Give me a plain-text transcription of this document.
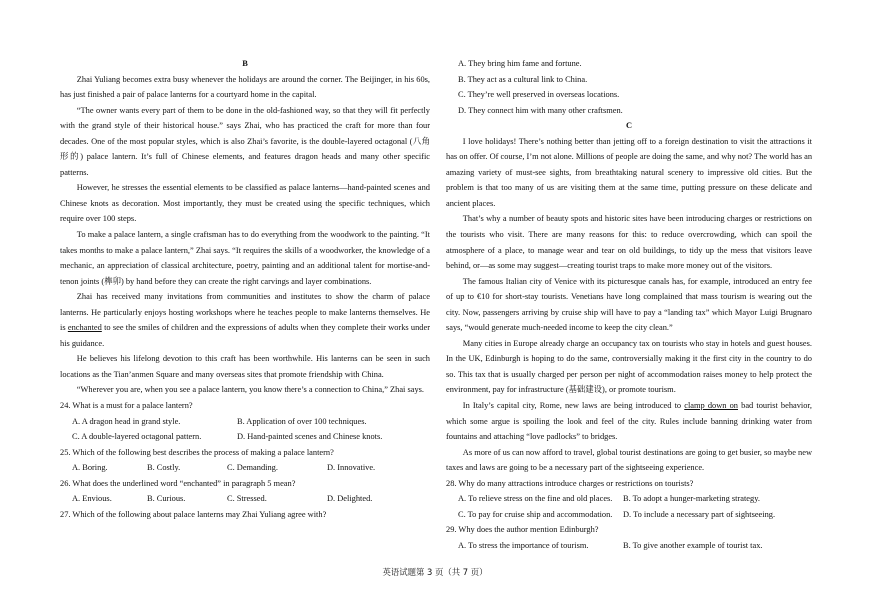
B

Zhai Yuliang becomes extra busy whenever the holidays are around the corner. The Beijinger, in his 60s, has just finished a pair of palace lanterns for a courtyard home in the capital.

“The owner wants every part of them to be done in the old-fashioned way, so that they will fit perfectly with the grand style of their historical house.” says Zhai, who has practiced the craft for more than four decades. One of the most popular styles, which is also Zhai’s favorite, is the double-layered octagonal (八角形的) palace lantern. It’s full of Chinese elements, and features dragon heads and many other specific patterns.

However, he stresses the essential elements to be classified as palace lanterns—hand-painted scenes and Chinese knots as decoration. Most importantly, they must be created using the specific techniques, which require over 100 steps.

To make a palace lantern, a single craftsman has to do everything from the woodwork to the painting. “It takes months to make a palace lantern,” Zhai says. “It requires the skills of a woodworker, the knowledge of a mechanic, an appreciation of classical architecture, poetry, painting and an additional talent for mortise-and-tenon joints (榫卯) by hand before they can create the right carvings and layer combinations.

Zhai has received many invitations from communities and institutes to show the charm of palace lanterns. He particularly enjoys hosting workshops where he teaches people to make lanterns themselves. He is enchanted to see the smiles of children and the expressions of adults when they complete their works under his guidance.

He believes his lifelong devotion to this craft has been worthwhile. His lanterns can be seen in such locations as the Tian’anmen Square and many overseas sites that promote friendship with China.

“Wherever you are, when you see a palace lantern, you know there’s a connection to China,” Zhai says.

24. What is a must for a palace lantern?
A. A dragon head in grand style.	B. Application of over 100 techniques.
C. A double-layered octagonal pattern.	D. Hand-painted scenes and Chinese knots.
25. Which of the following best describes the process of making a palace lantern?
A. Boring.	B. Costly.	C. Demanding.	D. Innovative.
26. What does the underlined word “enchanted” in paragraph 5 mean?
A. Envious.	B. Curious.	C. Stressed.	D. Delighted.
27. Which of the following about palace lanterns may Zhai Yuliang agree with?
A. They bring him fame and fortune.
B. They act as a cultural link to China.
C. They’re well preserved in overseas locations.
D. They connect him with many other craftsmen.
C

I love holidays! There’s nothing better than jetting off to a foreign destination to visit the attractions it has on offer. Of course, I’m not alone. Millions of people are doing the same, and why not? The world has an amazing variety of must-see sights, from breathtaking natural scenery to impressive old cities. But the problem is that too many of us are visiting them at the same time, putting pressure on these delicate and ancient places.

That’s why a number of beauty spots and historic sites have been introducing charges or restrictions on the tourists who visit. There are many reasons for this: to reduce overcrowding, which can spoil the atmosphere of a place, to manage wear and tear on old buildings, to tidy up the mess that visitors leave behind, or—as some may suggest—creating tourist traps to make more money out of the visitors.

The famous Italian city of Venice with its picturesque canals has, for example, introduced an entry fee of up to €10 for short-stay tourists. Venetians have long complained that mass tourism is wearing out the city. Now, passengers arriving by cruise ship will have to pay a “landing tax” which Mayor Luigi Brugnaro says, “would generate much-needed income to keep the city clean.”

Many cities in Europe already charge an occupancy tax on tourists who stay in hotels and guest houses. In the UK, Edinburgh is hoping to do the same, controversially making it the first city in the country to do so. This tax that is usually charged per person per night of accommodation raises money to help protect the environment, pay for infrastructure (基础建设), or promote tourism.

In Italy’s capital city, Rome, new laws are being introduced to clamp down on bad tourist behavior, which some argue is spoiling the look and feel of the city. Rules include banning drinking water from fountains and attaching “love padlocks” to bridges.

As more of us can now afford to travel, global tourist destinations are going to get busier, so maybe new taxes and laws are going to be a necessary part of the sightseeing experience.

28. Why do many attractions introduce charges or restrictions on tourists?
A. To relieve stress on the fine and old places.	B. To adopt a hunger-marketing strategy.
C. To pay for cruise ship and accommodation.	D. To include a necessary part of sightseeing.
29. Why does the author mention Edinburgh?
A. To stress the importance of tourism.	B. To give another example of tourist tax.
英语试题第 3 页（共 7 页）
